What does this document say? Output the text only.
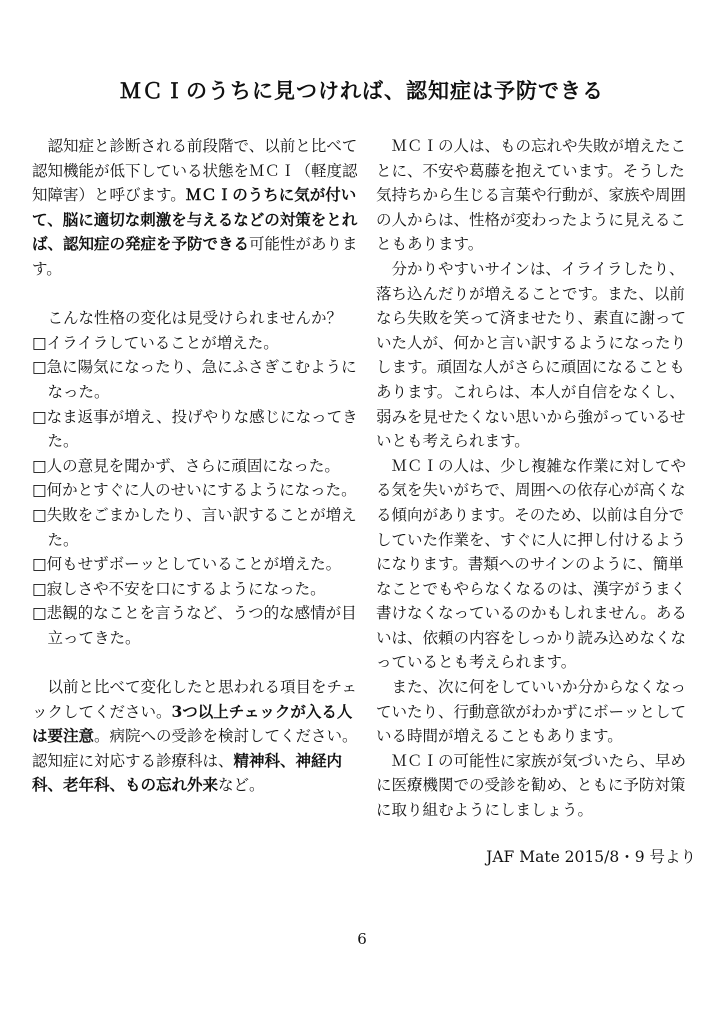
ＭＣＩのうちに見つければ、認知症は予防できる

認知症と診断される前段階で、以前と比べて認知機能が低下している状態をＭＣＩ（軽度認知障害）と呼びます。ＭＣＩのうちに気が付いて、脳に適切な刺激を与えるなどの対策をとれば、認知症の発症を予防できる可能性があります。

こんな性格の変化は見受けられませんか？

□イライラしていることが増えた。
□急に陽気になったり、急にふさぎこむようになった。
□なま返事が増え、投げやりな感じになってきた。
□人の意見を聞かず、さらに頑固になった。
□何かとすぐに人のせいにするようになった。
□失敗をごまかしたり、言い訳することが増えた。
□何もせずボーッとしていることが増えた。
□寂しさや不安を口にするようになった。
□悲観的なことを言うなど、うつ的な感情が目立ってきた。

以前と比べて変化したと思われる項目をチェックしてください。3つ以上チェックが入る人は要注意。病院への受診を検討してください。認知症に対応する診療科は、精神科、神経内科、老年科、もの忘れ外来など。

ＭＣＩの人は、もの忘れや失敗が増えたことに、不安や葛藤を抱えています。そうした気持ちから生じる言葉や行動が、家族や周囲の人からは、性格が変わったように見えることもあります。

分かりやすいサインは、イライラしたり、落ち込んだりが増えることです。また、以前なら失敗を笑って済ませたり、素直に謝っていた人が、何かと言い訳するようになったりします。頑固な人がさらに頑固になることもあります。これらは、本人が自信をなくし、弱みを見せたくない思いから強がっているせいとも考えられます。

ＭＣＩの人は、少し複雑な作業に対してやる気を失いがちで、周囲への依存心が高くなる傾向があります。そのため、以前は自分でしていた作業を、すぐに人に押し付けるようになります。書類へのサインのように、簡単なことでもやらなくなるのは、漢字がうまく書けなくなっているのかもしれません。あるいは、依頼の内容をしっかり読み込めなくなっているとも考えられます。

また、次に何をしていいか分からなくなっていたり、行動意欲がわかずにボーッとしている時間が増えることもあります。

ＭＣＩの可能性に家族が気づいたら、早めに医療機関での受診を勧め、ともに予防対策に取り組むようにしましょう。

JAF Mate 2015/8・9 号より
6
